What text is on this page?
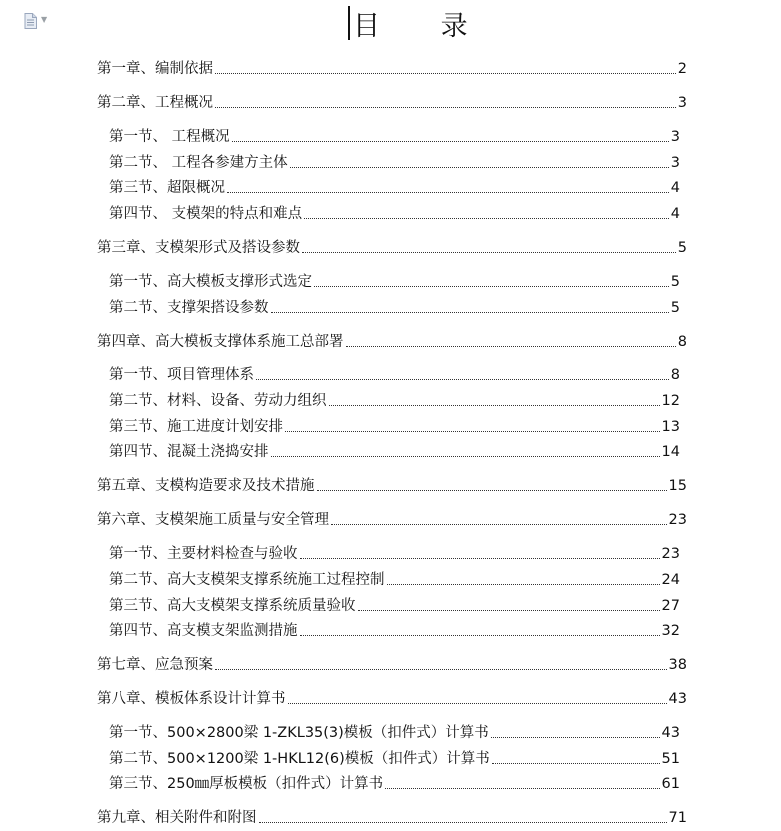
▼	目 录
第一章、编制依据	2
第二章、工程概况	3
第一节、 工程概况	3
第二节、 工程各参建方主体	3
第三节、超限概况	4
第四节、 支模架的特点和难点	4
第三章、支模架形式及搭设参数	5
第一节、高大模板支撑形式选定	5
第二节、支撑架搭设参数	5
第四章、高大模板支撑体系施工总部署	8
第一节、项目管理体系	8
第二节、材料、设备、劳动力组织	12
第三节、施工进度计划安排	13
第四节、混凝土浇捣安排	14
第五章、支模构造要求及技术措施	15
第六章、支模架施工质量与安全管理	23
第一节、主要材料检查与验收	23
第二节、高大支模架支撑系统施工过程控制	24
第三节、高大支模架支撑系统质量验收	27
第四节、高支模支架监测措施	32
第七章、应急预案	38
第八章、模板体系设计计算书	43
第一节、500×2800梁 1-ZKL35(3)模板（扣件式）计算书	43
第二节、500×1200梁 1-HKL12(6)模板（扣件式）计算书	51
第三节、250㎜厚板模板（扣件式）计算书	61
第九章、相关附件和附图	71
